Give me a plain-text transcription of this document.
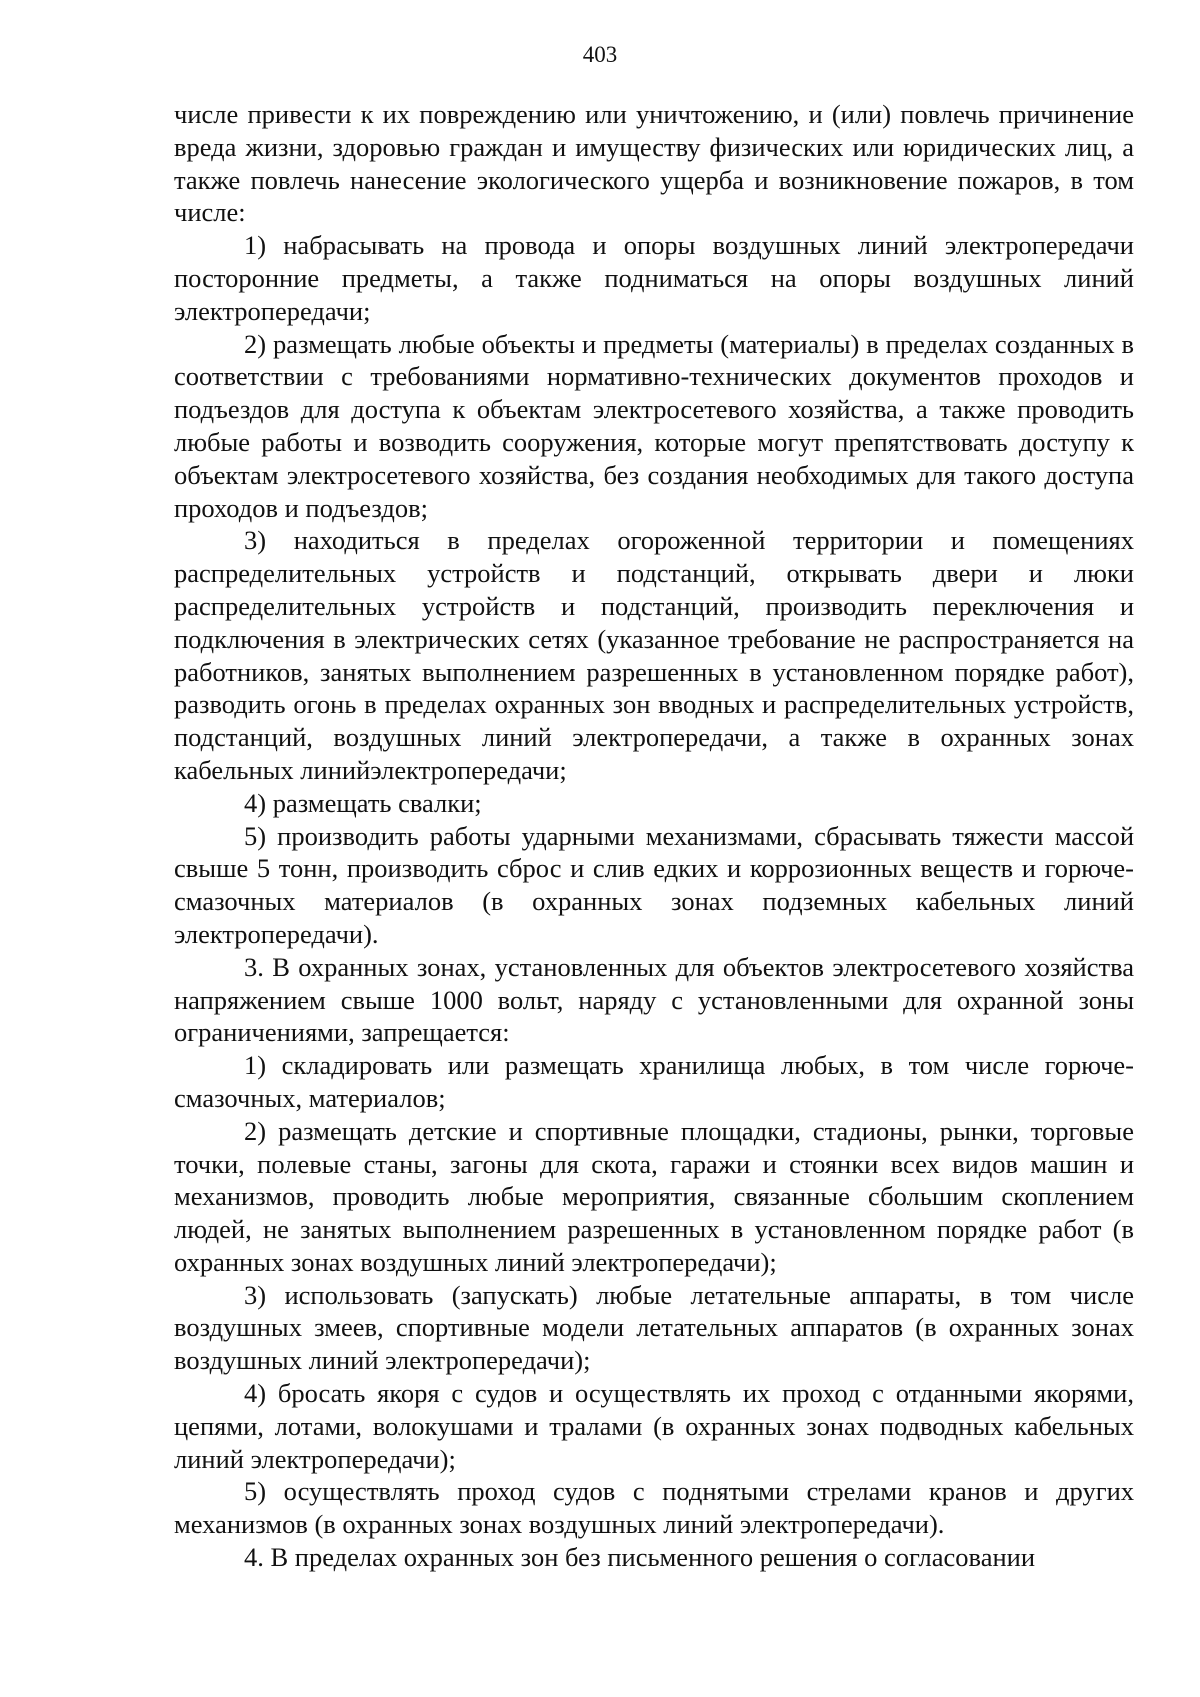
403

числе привести к их повреждению или уничтожению, и (или) повлечь причинение вреда жизни, здоровью граждан и имуществу физических или юридических лиц, а также повлечь нанесение экологического ущерба и возникновение пожаров, в том числе:

1) набрасывать на провода и опоры воздушных линий электропередачи посторонние предметы, а также подниматься на опоры воздушных линий электропередачи;

2) размещать любые объекты и предметы (материалы) в пределах созданных в соответствии с требованиями нормативно-технических документов проходов и подъездов для доступа к объектам электросетевого хозяйства, а также проводить любые работы и возводить сооружения, которые могут препятствовать доступу к объектам электросетевого хозяйства, без создания необходимых для такого доступа проходов и подъездов;

3) находиться в пределах огороженной территории и помещениях распределительных устройств и подстанций, открывать двери и люки распределительных устройств и подстанций, производить переключения и подключения в электрических сетях (указанное требование не распространяется на работников, занятых выполнением разрешенных в установленном порядке работ), разводить огонь в пределах охранных зон вводных и распределительных устройств, подстанций, воздушных линий электропередачи, а также в охранных зонах кабельных линийэлектропередачи;

4) размещать свалки;

5) производить работы ударными механизмами, сбрасывать тяжести массой свыше 5 тонн, производить сброс и слив едких и коррозионных веществ и горюче-смазочных материалов (в охранных зонах подземных кабельных линий электропередачи).

3. В охранных зонах, установленных для объектов электросетевого хозяйства напряжением свыше 1000 вольт, наряду с установленными для охранной зоны ограничениями, запрещается:

1) складировать или размещать хранилища любых, в том числе горюче-смазочных, материалов;

2) размещать детские и спортивные площадки, стадионы, рынки, торговые точки, полевые станы, загоны для скота, гаражи и стоянки всех видов машин и механизмов, проводить любые мероприятия, связанные сбольшим скоплением людей, не занятых выполнением разрешенных в установленном порядке работ (в охранных зонах воздушных линий электропередачи);

3) использовать (запускать) любые летательные аппараты, в том числе воздушных змеев, спортивные модели летательных аппаратов (в охранных зонах воздушных линий электропередачи);

4) бросать якоря с судов и осуществлять их проход с отданными якорями, цепями, лотами, волокушами и тралами (в охранных зонах подводных кабельных линий электропередачи);

5) осуществлять проход судов с поднятыми стрелами кранов и других механизмов (в охранных зонах воздушных линий электропередачи).

4. В пределах охранных зон без письменного решения о согласовании
